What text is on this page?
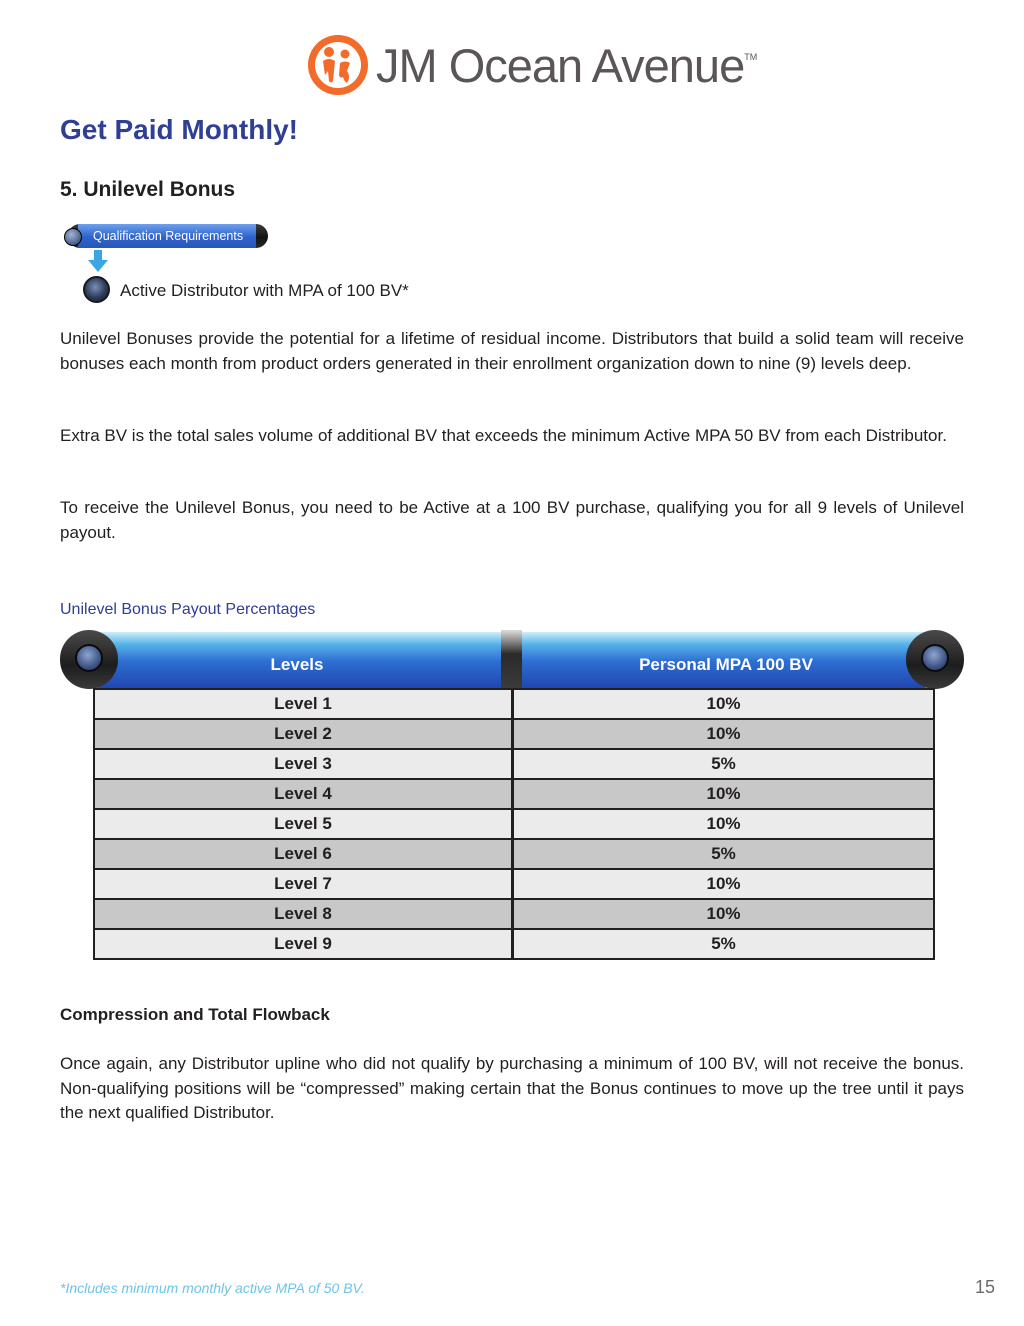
JM Ocean Avenue™
Get Paid Monthly!
5. Unilevel Bonus
Qualification Requirements
Active Distributor with MPA of 100 BV*

Unilevel Bonuses provide the potential for a lifetime of residual income. Distributors that build a solid team will receive bonuses each month from product orders generated in their enrollment organization down to nine (9) levels deep.

Extra BV is the total sales volume of additional BV that exceeds the minimum Active MPA 50 BV from each Distributor.

To receive the Unilevel Bonus, you need to be Active at a 100 BV purchase, qualifying you for all 9 levels of Unilevel payout.

Unilevel Bonus Payout Percentages
Levels	Personal MPA 100 BV
Level 1	10%
Level 2	10%
Level 3	5%
Level 4	10%
Level 5	10%
Level 6	5%
Level 7	10%
Level 8	10%
Level 9	5%
Compression and Total Flowback

Once again, any Distributor upline who did not qualify by purchasing a minimum of 100 BV, will not receive the bonus. Non-qualifying positions will be “compressed” making certain that the Bonus continues to move up the tree until it pays the next qualified Distributor.

*Includes minimum monthly active MPA of 50 BV.	15
